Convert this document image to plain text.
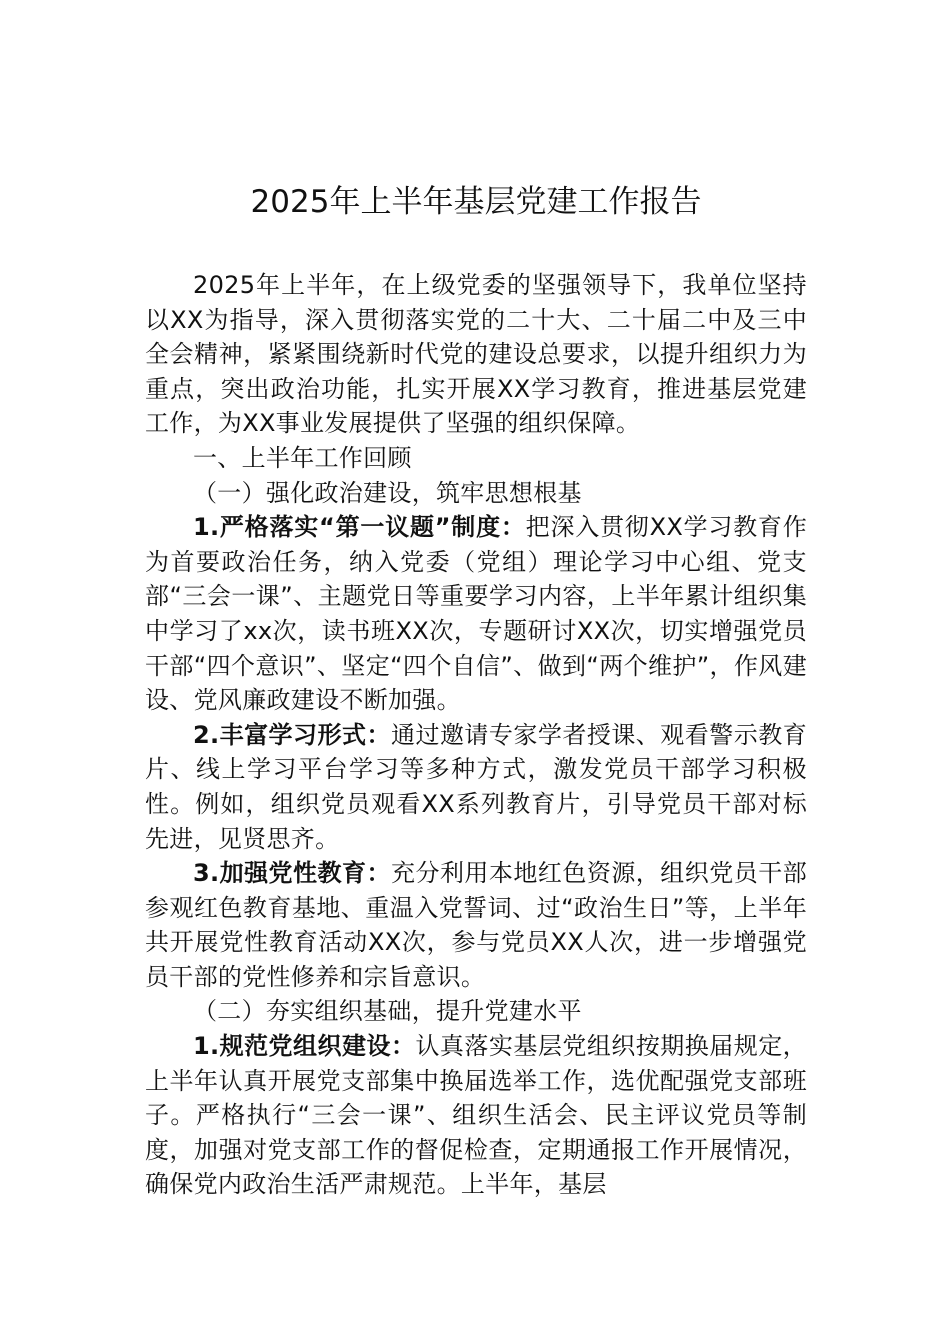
2025年上半年基层党建工作报告

2025年上半年，在上级党委的坚强领导下，我单位坚持以XX为指导，深入贯彻落实党的二十大、二十届二中及三中全会精神，紧紧围绕新时代党的建设总要求，以提升组织力为重点，突出政治功能，扎实开展XX学习教育，推进基层党建工作，为XX事业发展提供了坚强的组织保障。

一、上半年工作回顾

（一）强化政治建设，筑牢思想根基

1.严格落实“第一议题”制度：把深入贯彻XX学习教育作为首要政治任务，纳入党委（党组）理论学习中心组、党支部“三会一课”、主题党日等重要学习内容，上半年累计组织集中学习了xx次，读书班XX次，专题研讨XX次，切实增强党员干部“四个意识”、坚定“四个自信”、做到“两个维护”，作风建设、党风廉政建设不断加强。

2.丰富学习形式：通过邀请专家学者授课、观看警示教育片、线上学习平台学习等多种方式，激发党员干部学习积极性。例如，组织党员观看XX系列教育片，引导党员干部对标先进，见贤思齐。

3.加强党性教育：充分利用本地红色资源，组织党员干部参观红色教育基地、重温入党誓词、过“政治生日”等，上半年共开展党性教育活动XX次，参与党员XX人次，进一步增强党员干部的党性修养和宗旨意识。

（二）夯实组织基础，提升党建水平

1.规范党组织建设：认真落实基层党组织按期换届规定，上半年认真开展党支部集中换届选举工作，选优配强党支部班子。严格执行“三会一课”、组织生活会、民主评议党员等制度，加强对党支部工作的督促检查，定期通报工作开展情况，确保党内政治生活严肃规范。上半年，基层
